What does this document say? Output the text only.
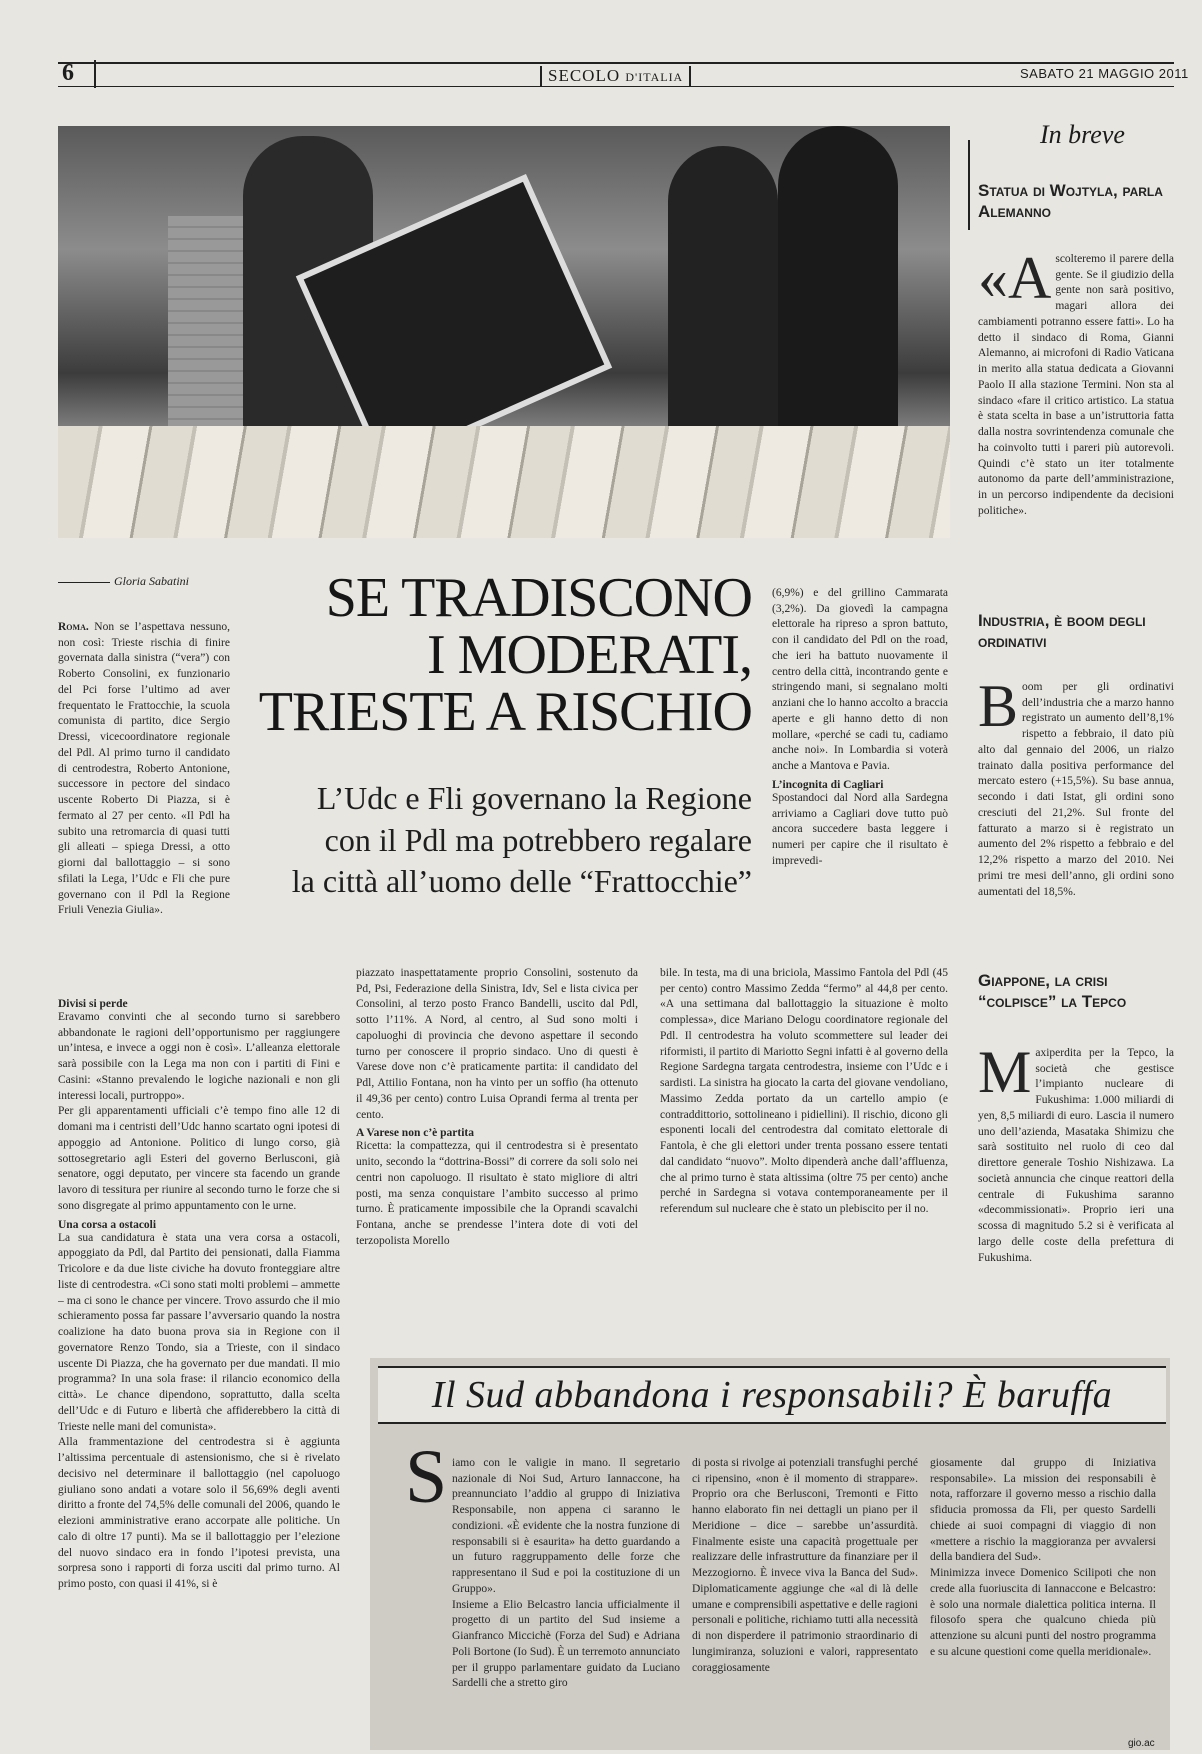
6	SECOLO D'ITALIA	SABATO 21 MAGGIO 2011
Gloria Sabatini	SE TRADISCONO
I MODERATI,
TRIESTE A RISCHIO
L’Udc e Fli governano la Regione
con il Pdl ma potrebbero regalare
la città all’uomo delle “Frattocchie”

Roma. Non se l’aspettava nessuno, non così: Trieste rischia di finire governata dalla sinistra (“vera”) con Roberto Consolini, ex funzionario del Pci forse l’ultimo ad aver frequentato le Frattocchie, la scuola comunista di partito, dice Sergio Dressi, vicecoordinatore regionale del Pdl. Al primo turno il candidato di centrodestra, Roberto Antonione, successore in pectore del sindaco uscente Roberto Di Piazza, si è fermato al 27 per cento. «Il Pdl ha subito una retromarcia di quasi tutti gli alleati – spiega Dressi, a otto giorni dal ballottaggio – si sono sfilati la Lega, l’Udc e Fli che pure governano con il Pdl la Regione Friuli Venezia Giulia».

Divisi si perde
Eravamo convinti che al secondo turno si sarebbero abbandonate le ragioni dell’opportunismo per raggiungere un’intesa, e invece a oggi non è così». L’alleanza elettorale sarà possibile con la Lega ma non con i partiti di Fini e Casini: «Stanno prevalendo le logiche nazionali e non gli interessi locali, purtroppo».
Per gli apparentamenti ufficiali c’è tempo fino alle 12 di domani ma i centristi dell’Udc hanno scartato ogni ipotesi di appoggio ad Antonione. Politico di lungo corso, già sottosegretario agli Esteri del governo Berlusconi, già senatore, oggi deputato, per vincere sta facendo un grande lavoro di tessitura per riunire al secondo turno le forze che si sono disgregate al primo appuntamento con le urne.

Una corsa a ostacoli
La sua candidatura è stata una vera corsa a ostacoli, appoggiato da Pdl, dal Partito dei pensionati, dalla Fiamma Tricolore e da due liste civiche ha dovuto fronteggiare altre liste di centrodestra. «Ci sono stati molti problemi – ammette – ma ci sono le chance per vincere. Trovo assurdo che il mio schieramento possa far passare l’avversario quando la nostra coalizione ha dato buona prova sia in Regione con il governatore Renzo Tondo, sia a Trieste, con il sindaco uscente Di Piazza, che ha governato per due mandati. Il mio programma? In una sola frase: il rilancio economico della città». Le chance dipendono, soprattutto, dalla scelta dell’Udc e di Futuro e libertà che affiderebbero la città di Trieste nelle mani del comunista».
Alla frammentazione del centrodestra si è aggiunta l’altissima percentuale di astensionismo, che si è rivelato decisivo nel determinare il ballottaggio (nel capoluogo giuliano sono andati a votare solo il 56,69% degli aventi diritto a fronte del 74,5% delle comunali del 2006, quando le elezioni amministrative erano accorpate alle politiche. Un calo di oltre 17 punti). Ma se il ballottaggio per l’elezione del nuovo sindaco era in fondo l’ipotesi prevista, una sorpresa sono i rapporti di forza usciti dal primo turno. Al primo posto, con quasi il 41%, si è

piazzato inaspettatamente proprio Consolini, sostenuto da Pd, Psi, Federazione della Sinistra, Idv, Sel e lista civica per Consolini, al terzo posto Franco Bandelli, uscito dal Pdl, sotto l’11%. A Nord, al centro, al Sud sono molti i capoluoghi di provincia che devono aspettare il secondo turno per conoscere il proprio sindaco. Uno di questi è Varese dove non c’è praticamente partita: il candidato del Pdl, Attilio Fontana, non ha vinto per un soffio (ha ottenuto il 49,36 per cento) contro Luisa Oprandi ferma al trenta per cento.

A Varese non c’è partita
Ricetta: la compattezza, qui il centrodestra si è presentato unito, secondo la “dottrina-Bossi” di correre da soli solo nei centri non capoluogo. Il risultato è stato migliore di altri posti, ma senza conquistare l’ambito successo al primo turno. È praticamente impossibile che la Oprandi scavalchi Fontana, anche se prendesse l’intera dote di voti del terzopolista Morello

(6,9%) e del grillino Cammarata (3,2%). Da giovedì la campagna elettorale ha ripreso a spron battuto, con il candidato del Pdl on the road, che ieri ha battuto nuovamente il centro della città, incontrando gente e stringendo mani, si segnalano molti anziani che lo hanno accolto a braccia aperte e gli hanno detto di non mollare, «perché se cadi tu, cadiamo anche noi». In Lombardia si voterà anche a Mantova e Pavia.

L’incognita di Cagliari
Spostandoci dal Nord alla Sardegna arriviamo a Cagliari dove tutto può ancora succedere basta leggere i numeri per capire che il risultato è imprevedi-

bile. In testa, ma di una briciola, Massimo Fantola del Pdl (45 per cento) contro Massimo Zedda “fermo” al 44,8 per cento. «A una settimana dal ballottaggio la situazione è molto complessa», dice Mariano Delogu coordinatore regionale del Pdl. Il centrodestra ha voluto scommettere sul leader dei riformisti, il partito di Mariotto Segni infatti è al governo della Regione Sardegna targata centrodestra, insieme con l’Udc e i sardisti. La sinistra ha giocato la carta del giovane vendoliano, Massimo Zedda portato da un cartello ampio (e contraddittorio, sottolineano i pidiellini). Il rischio, dicono gli esponenti locali del centrodestra dal comitato elettorale di Fantola, è che gli elettori under trenta possano essere tentati dal candidato “nuovo”. Molto dipenderà anche dall’affluenza, che al primo turno è stata altissima (oltre 75 per cento) anche perché in Sardegna si votava contemporaneamente per il referendum sul nucleare che è stato un plebiscito per il no.

In breve
Statua di Wojtyla, parla Alemanno

«Ascolteremo il parere della gente. Se il giudizio della gente non sarà positivo, magari allora dei cambiamenti potranno essere fatti». Lo ha detto il sindaco di Roma, Gianni Alemanno, ai microfoni di Radio Vaticana in merito alla statua dedicata a Giovanni Paolo II alla stazione Termini. Non sta al sindaco «fare il critico artistico. La statua è stata scelta in base a un’istruttoria fatta dalla nostra sovrintendenza comunale che ha coinvolto tutti i pareri più autorevoli. Quindi c’è stato un iter totalmente autonomo da parte dell’amministrazione, in un percorso indipendente da decisioni politiche».

Industria, è boom degli ordinativi

Boom per gli ordinativi dell’industria che a marzo hanno registrato un aumento dell’8,1% rispetto a febbraio, il dato più alto dal gennaio del 2006, un rialzo trainato dalla positiva performance del mercato estero (+15,5%). Su base annua, secondo i dati Istat, gli ordini sono cresciuti del 21,2%. Sul fronte del fatturato a marzo si è registrato un aumento del 2% rispetto a febbraio e del 12,2% rispetto a marzo del 2010. Nei primi tre mesi dell’anno, gli ordini sono aumentati del 18,5%.

Giappone, la crisi “colpisce” la Tepco

Maxiperdita per la Tepco, la società che gestisce l’impianto nucleare di Fukushima: 1.000 miliardi di yen, 8,5 miliardi di euro. Lascia il numero uno dell’azienda, Masataka Shimizu che sarà sostituito nel ruolo di ceo dal direttore generale Toshio Nishizawa. La società annuncia che cinque reattori della centrale di Fukushima saranno «decommissionati». Proprio ieri una scossa di magnitudo 5.2 si è verificata al largo delle coste della prefettura di Fukushima.

Il Sud abbandona i responsabili? È baruffa
S iamo con le valigie in mano. Il segretario nazionale di Noi Sud, Arturo Iannaccone, ha preannunciato l’addio al gruppo di Iniziativa Responsabile, non appena ci saranno le condizioni. «È evidente che la nostra funzione di responsabili si è esaurita» ha detto guardando a un futuro raggruppamento delle forze che rappresentano il Sud e poi la costituzione di un Gruppo».
Insieme a Elio Belcastro lancia ufficialmente il progetto di un partito del Sud insieme a Gianfranco Miccichè (Forza del Sud) e Adriana Poli Bortone (Io Sud). È un terremoto annunciato per il gruppo parlamentare guidato da Luciano Sardelli che a stretto giro

di posta si rivolge ai potenziali transfughi perché ci ripensino, «non è il momento di strappare». Proprio ora che Berlusconi, Tremonti e Fitto hanno elaborato fin nei dettagli un piano per il Meridione – dice – sarebbe un’assurdità. Finalmente esiste una capacità progettuale per realizzare delle infrastrutture da finanziare per il Mezzogiorno. È invece viva la Banca del Sud». Diplomaticamente aggiunge che «al di là delle umane e comprensibili aspettative e delle ragioni personali e politiche, richiamo tutti alla necessità di non disperdere il patrimonio straordinario di lungimiranza, soluzioni e valori, rappresentato coraggiosamente

giosamente dal gruppo di Iniziativa responsabile». La mission dei responsabili è nota, rafforzare il governo messo a rischio dalla sfiducia promossa da Fli, per questo Sardelli chiede ai suoi compagni di viaggio di non «mettere a rischio la maggioranza per avvalersi della bandiera del Sud».
Minimizza invece Domenico Scilipoti che non crede alla fuoriuscita di Iannaccone e Belcastro: è solo una normale dialettica politica interna. Il filosofo spera che qualcuno chieda più attenzione su alcuni punti del nostro programma e su alcune questioni come quella meridionale».

gio.ac
